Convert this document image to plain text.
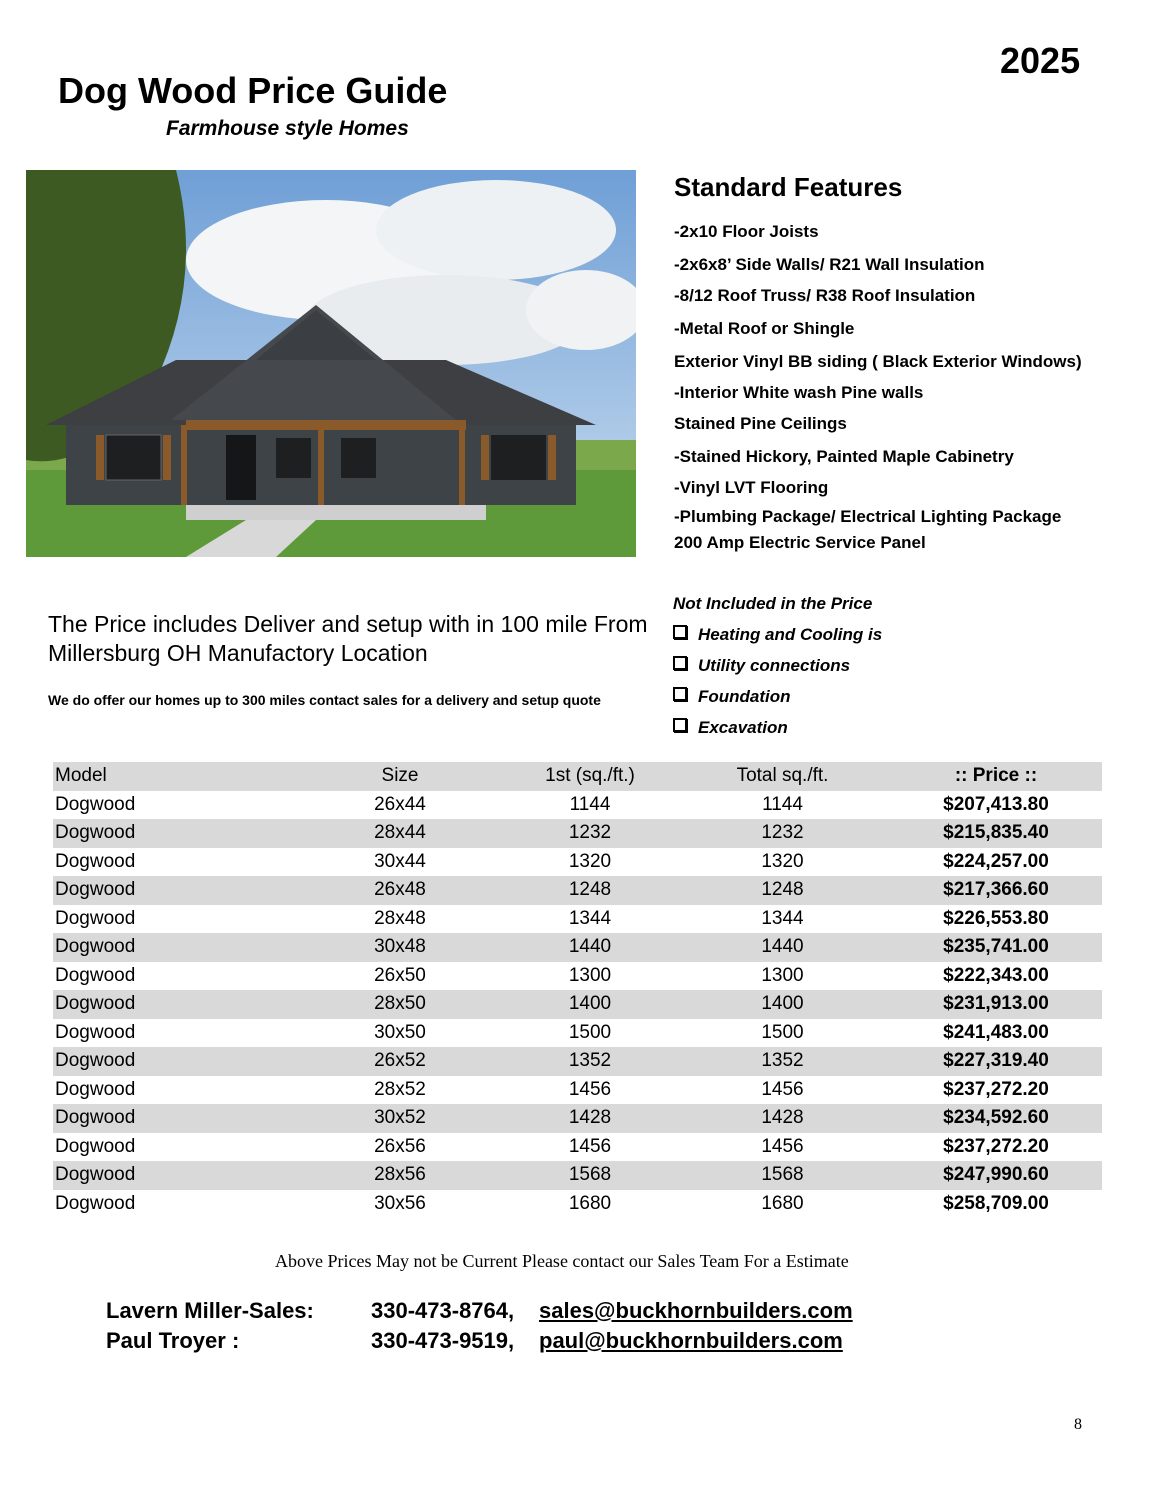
2025
Dog Wood Price Guide
Farmhouse style Homes
Standard Features
-2x10 Floor Joists
-2x6x8’ Side Walls/ R21 Wall Insulation
-8/12 Roof Truss/ R38 Roof Insulation
-Metal Roof or Shingle
Exterior Vinyl BB siding ( Black Exterior Windows)
-Interior White wash Pine walls
Stained Pine Ceilings
-Stained Hickory, Painted Maple Cabinetry
-Vinyl LVT Flooring
-Plumbing Package/ Electrical Lighting Package
200 Amp Electric Service Panel
Not Included in the Price
Heating and Cooling is
Utility connections
Foundation
Excavation
The Price includes Deliver and setup with in 100 mile From Millersburg OH Manufactory Location
We do offer our homes up to 300 miles contact sales for a delivery and setup quote
Model	Size	1st (sq./ft.)	Total sq./ft.	:: Price ::
Dogwood	26x44	1144	1144	$207,413.80
Dogwood	28x44	1232	1232	$215,835.40
Dogwood	30x44	1320	1320	$224,257.00
Dogwood	26x48	1248	1248	$217,366.60
Dogwood	28x48	1344	1344	$226,553.80
Dogwood	30x48	1440	1440	$235,741.00
Dogwood	26x50	1300	1300	$222,343.00
Dogwood	28x50	1400	1400	$231,913.00
Dogwood	30x50	1500	1500	$241,483.00
Dogwood	26x52	1352	1352	$227,319.40
Dogwood	28x52	1456	1456	$237,272.20
Dogwood	30x52	1428	1428	$234,592.60
Dogwood	26x56	1456	1456	$237,272.20
Dogwood	28x56	1568	1568	$247,990.60
Dogwood	30x56	1680	1680	$258,709.00
Above Prices May not be Current Please contact our Sales Team For a Estimate
Lavern Miller-Sales:	330-473-8764, sales@buckhornbuilders.com
Paul Troyer :	330-473-9519, paul@buckhornbuilders.com
8
